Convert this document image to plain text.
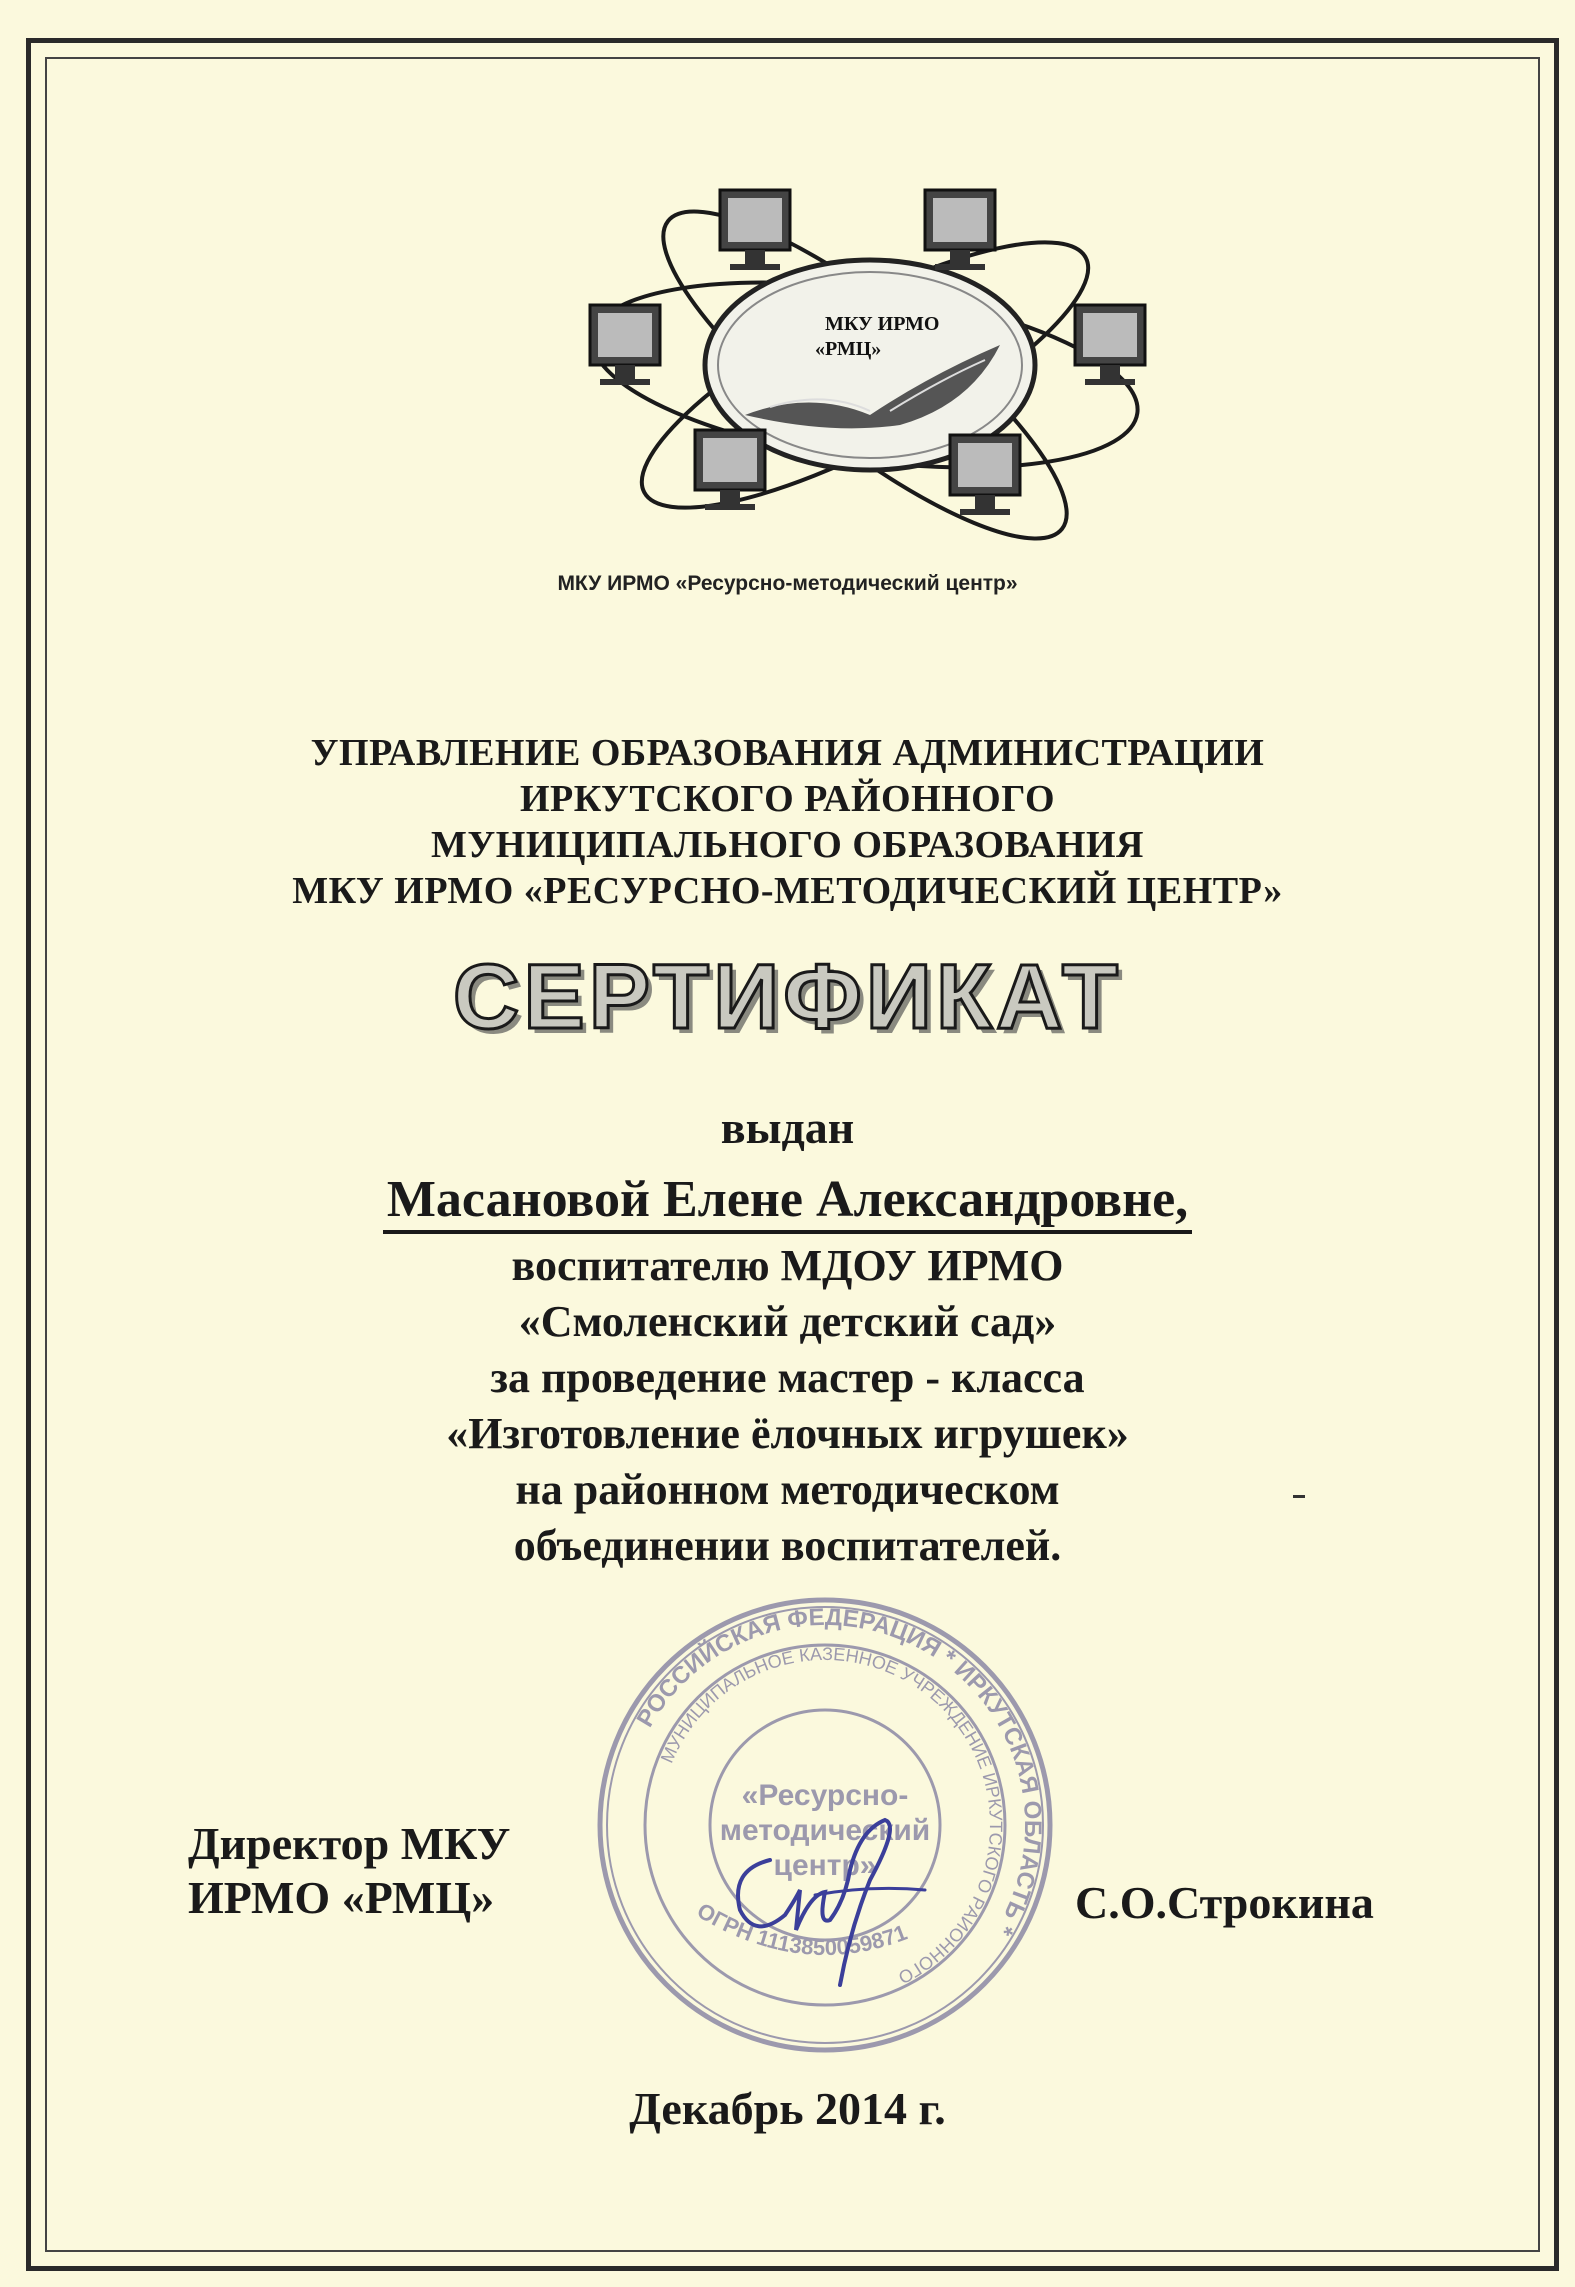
МКУ ИРМО
«РМЦ»
МКУ ИРМО «Ресурсно-методический центр»
УПРАВЛЕНИЕ ОБРАЗОВАНИЯ АДМИНИСТРАЦИИ
ИРКУТСКОГО РАЙОННОГО
МУНИЦИПАЛЬНОГО ОБРАЗОВАНИЯ
МКУ ИРМО «РЕСУРСНО-МЕТОДИЧЕСКИЙ ЦЕНТР»
СЕРТИФИКАТ
выдан
Масановой Елене Александровне,
воспитателю МДОУ ИРМО
«Смоленский детский сад»
за проведение мастер - класса
«Изготовление ёлочных игрушек»
на районном методическом
объединении воспитателей.
РОССИЙСКАЯ ФЕДЕРАЦИЯ * ИРКУТСКАЯ ОБЛАСТЬ *
МУНИЦИПАЛЬНОЕ КАЗЕННОЕ УЧРЕЖДЕНИЕ ИРКУТСКОГО РАЙОННОГО
«Ресурсно-
методический
центр»
ОГРН 1113850059871
Директор МКУ
ИРМО «РМЦ»	С.О.Строкина
Декабрь 2014 г.
